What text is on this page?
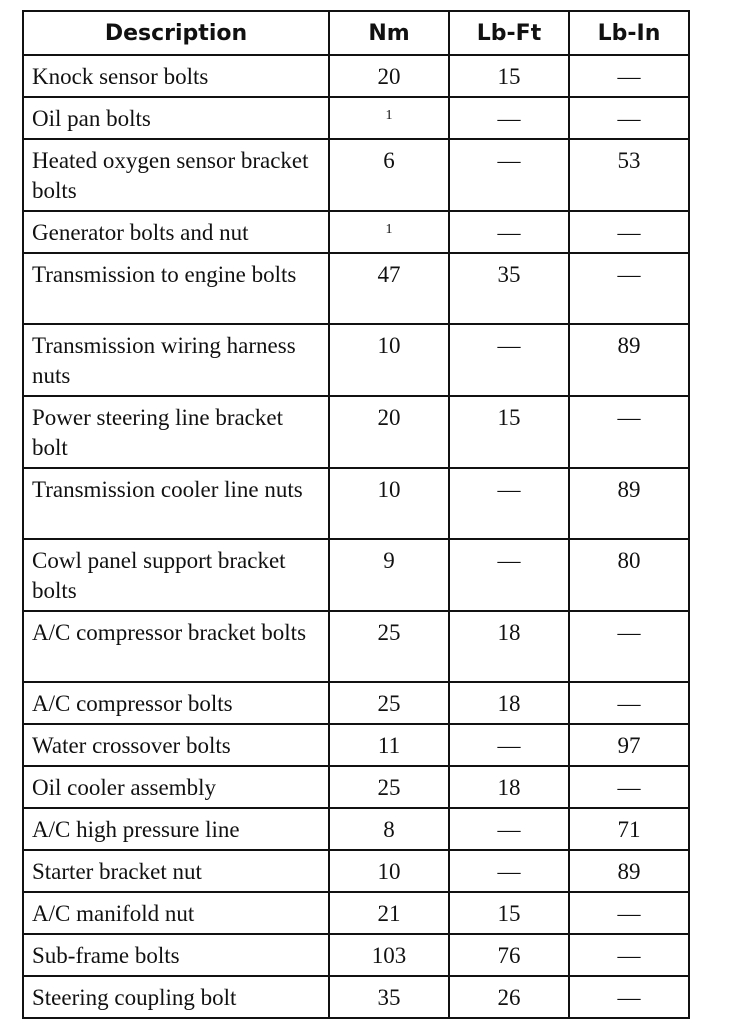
Description	Nm	Lb-Ft	Lb-In
Knock sensor bolts	20	15	—
Oil pan bolts	$^1$	—	—
Heated oxygen sensor bracket bolts	6	—	53
Generator bolts and nut	$^1$	—	—
Transmission to engine bolts	47	35	—
Transmission wiring harness nuts	10	—	89
Power steering line bracket bolt	20	15	—
Transmission cooler line nuts	10	—	89
Cowl panel support bracket bolts	9	—	80
A/C compressor bracket bolts	25	18	—
A/C compressor bolts	25	18	—
Water crossover bolts	11	—	97
Oil cooler assembly	25	18	—
A/C high pressure line	8	—	71
Starter bracket nut	10	—	89
A/C manifold nut	21	15	—
Sub-frame bolts	103	76	—
Steering coupling bolt	35	26	—
